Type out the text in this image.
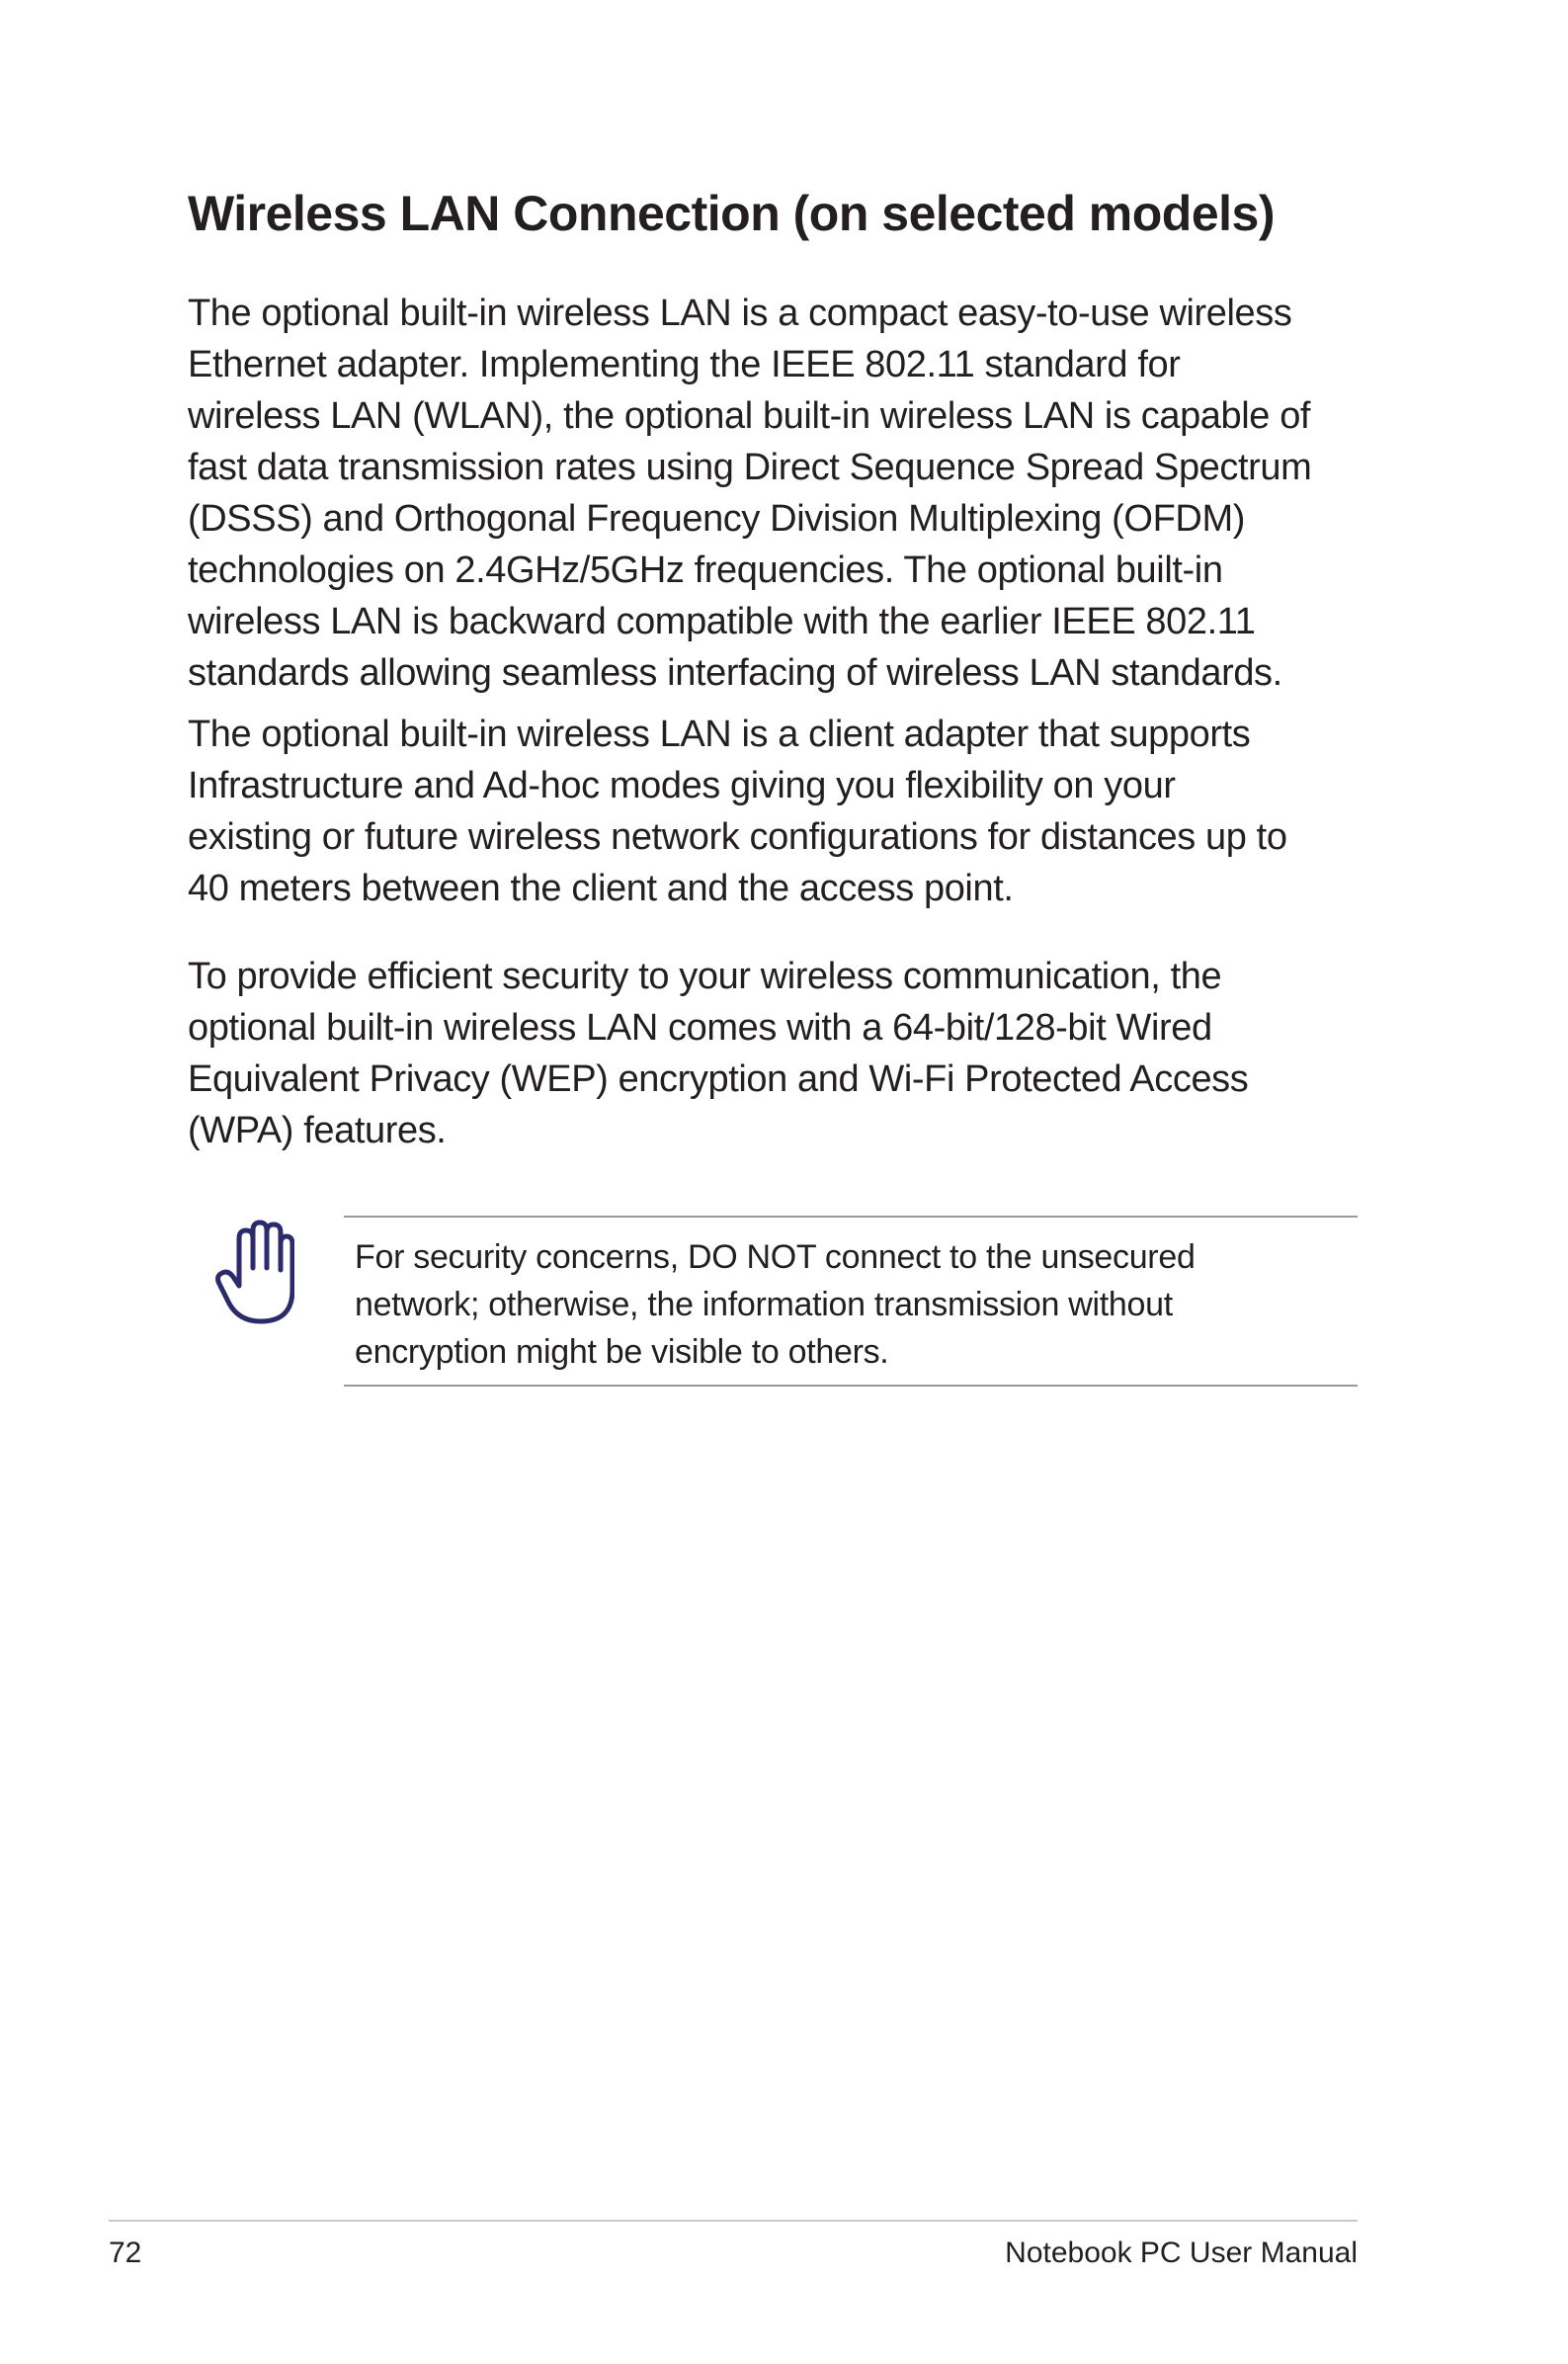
Wireless LAN Connection (on selected models)

The optional built-in wireless LAN is a compact easy-to-use wireless
Ethernet adapter. Implementing the IEEE 802.11 standard for
wireless LAN (WLAN), the optional built-in wireless LAN is capable of
fast data transmission rates using Direct Sequence Spread Spectrum
(DSSS) and Orthogonal Frequency Division Multiplexing (OFDM)
technologies on 2.4GHz/5GHz frequencies. The optional built-in
wireless LAN is backward compatible with the earlier IEEE 802.11
standards allowing seamless interfacing of wireless LAN standards.

The optional built-in wireless LAN is a client adapter that supports
Infrastructure and Ad-hoc modes giving you flexibility on your
existing or future wireless network configurations for distances up to
40 meters between the client and the access point.

To provide efficient security to your wireless communication, the
optional built-in wireless LAN comes with a 64-bit/128-bit Wired
Equivalent Privacy (WEP) encryption and Wi-Fi Protected Access
(WPA) features.

For security concerns, DO NOT connect to the unsecured
network; otherwise, the information transmission without
encryption might be visible to others.

72	Notebook PC User Manual
